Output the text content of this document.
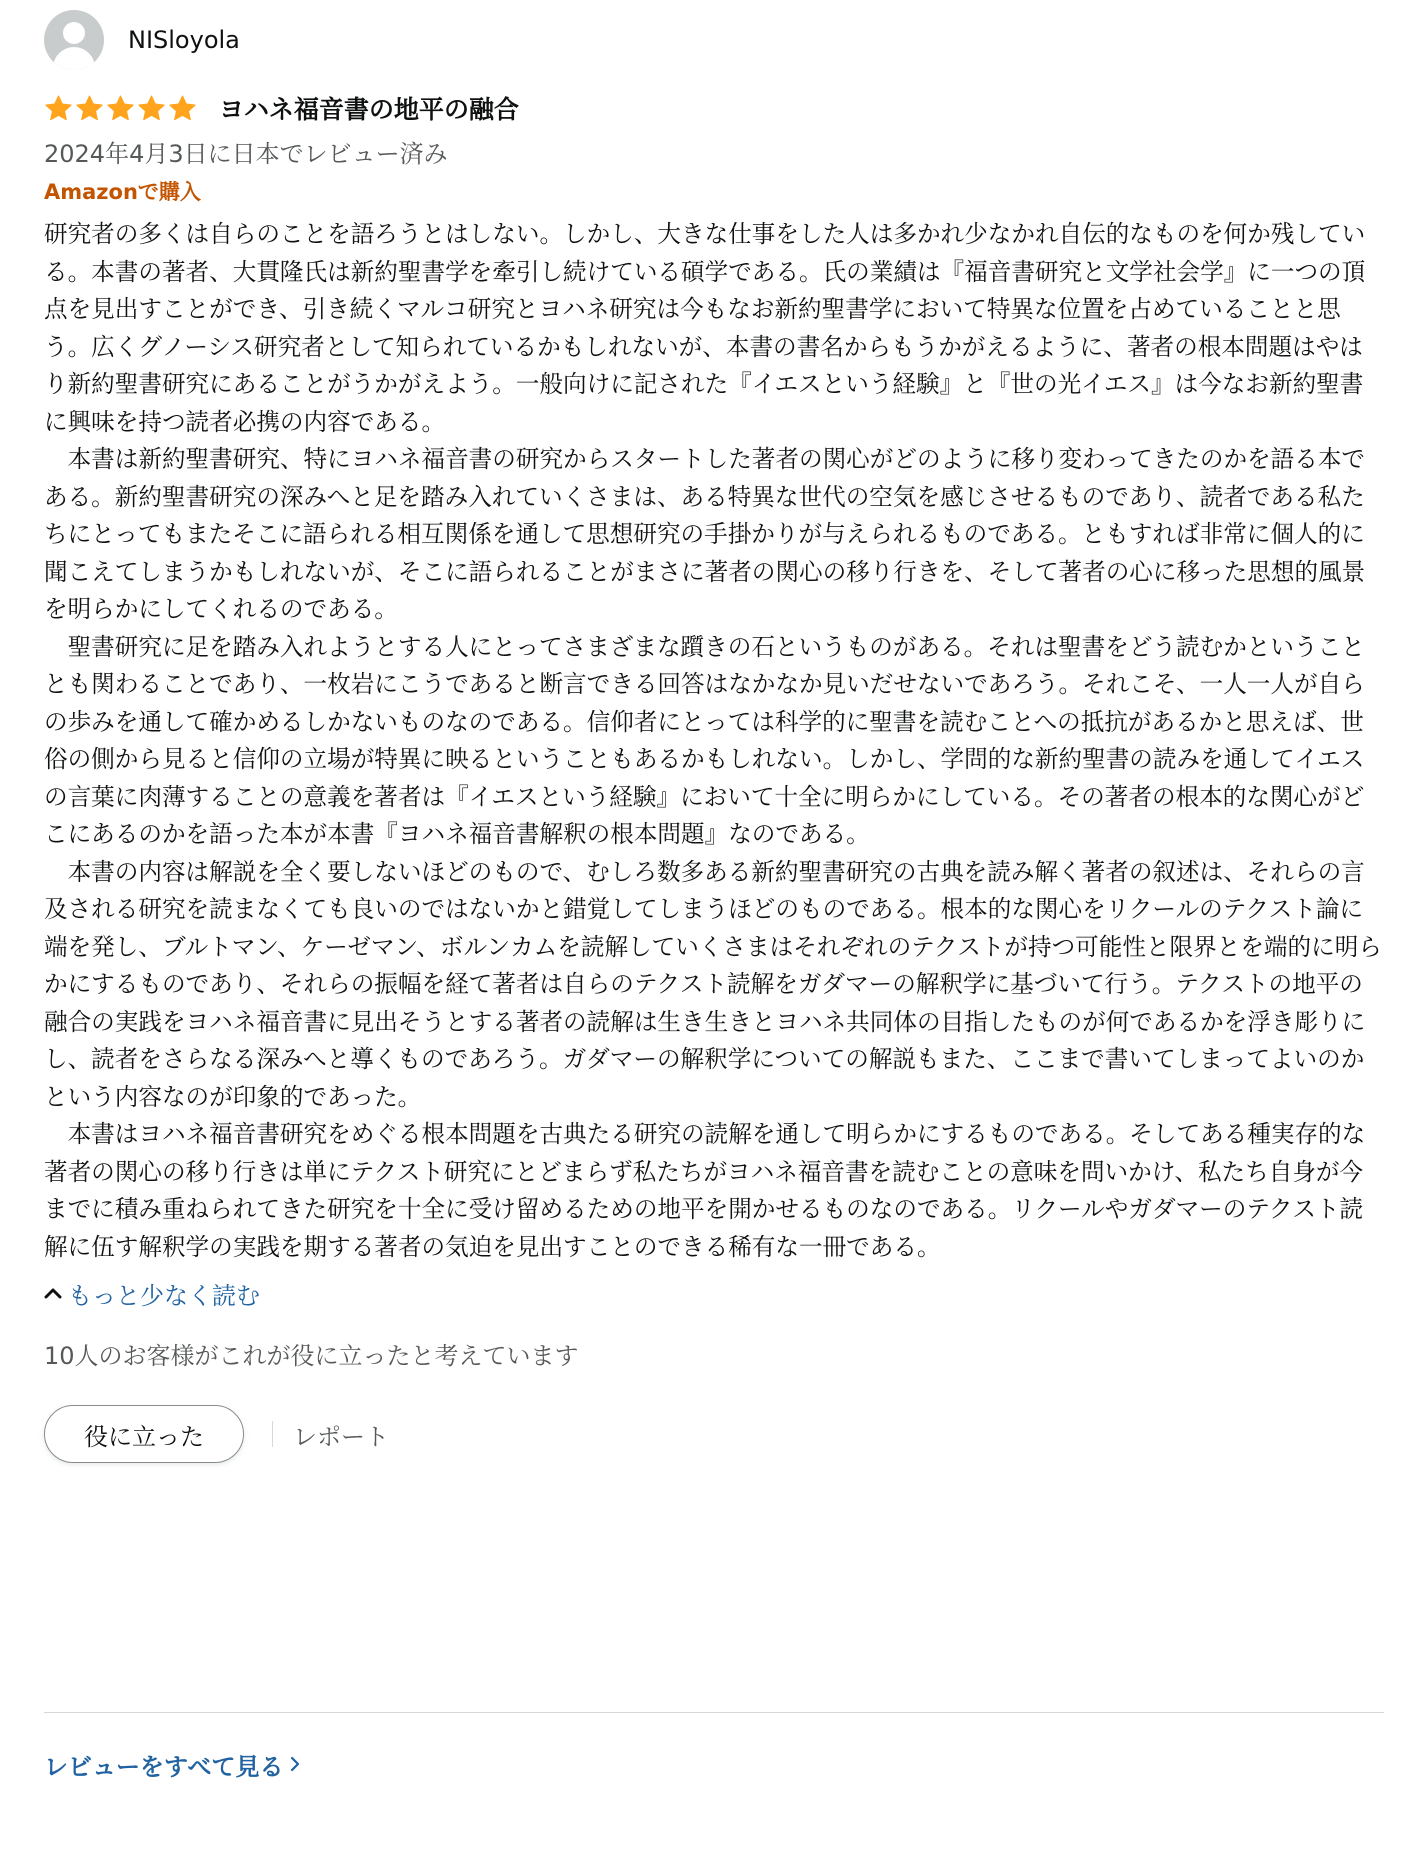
NISloyola
ヨハネ福音書の地平の融合
2024年4月3日に日本でレビュー済み
Amazonで購入

研究者の多くは自らのことを語ろうとはしない。しかし、大きな仕事をした人は多かれ少なかれ自伝的なものを何か残している。本書の著者、大貫隆氏は新約聖書学を牽引し続けている碩学である。氏の業績は『福音書研究と文学社会学』に一つの頂点を見出すことができ、引き続くマルコ研究とヨハネ研究は今もなお新約聖書学において特異な位置を占めていることと思う。広くグノーシス研究者として知られているかもしれないが、本書の書名からもうかがえるように、著者の根本問題はやはり新約聖書研究にあることがうかがえよう。一般向けに記された『イエスという経験』と『世の光イエス』は今なお新約聖書に興味を持つ読者必携の内容である。

本書は新約聖書研究、特にヨハネ福音書の研究からスタートした著者の関心がどのように移り変わってきたのかを語る本である。新約聖書研究の深みへと足を踏み入れていくさまは、ある特異な世代の空気を感じさせるものであり、読者である私たちにとってもまたそこに語られる相互関係を通して思想研究の手掛かりが与えられるものである。ともすれば非常に個人的に聞こえてしまうかもしれないが、そこに語られることがまさに著者の関心の移り行きを、そして著者の心に移った思想的風景を明らかにしてくれるのである。

聖書研究に足を踏み入れようとする人にとってさまざまな躓きの石というものがある。それは聖書をどう読むかということとも関わることであり、一枚岩にこうであると断言できる回答はなかなか見いだせないであろう。それこそ、一人一人が自らの歩みを通して確かめるしかないものなのである。信仰者にとっては科学的に聖書を読むことへの抵抗があるかと思えば、世俗の側から見ると信仰の立場が特異に映るということもあるかもしれない。しかし、学問的な新約聖書の読みを通してイエスの言葉に肉薄することの意義を著者は『イエスという経験』において十全に明らかにしている。その著者の根本的な関心がどこにあるのかを語った本が本書『ヨハネ福音書解釈の根本問題』なのである。

本書の内容は解説を全く要しないほどのもので、むしろ数多ある新約聖書研究の古典を読み解く著者の叙述は、それらの言及される研究を読まなくても良いのではないかと錯覚してしまうほどのものである。根本的な関心をリクールのテクスト論に端を発し、ブルトマン、ケーゼマン、ボルンカムを読解していくさまはそれぞれのテクストが持つ可能性と限界とを端的に明らかにするものであり、それらの振幅を経て著者は自らのテクスト読解をガダマーの解釈学に基づいて行う。テクストの地平の融合の実践をヨハネ福音書に見出そうとする著者の読解は生き生きとヨハネ共同体の目指したものが何であるかを浮き彫りにし、読者をさらなる深みへと導くものであろう。ガダマーの解釈学についての解説もまた、ここまで書いてしまってよいのかという内容なのが印象的であった。

本書はヨハネ福音書研究をめぐる根本問題を古典たる研究の読解を通して明らかにするものである。そしてある種実存的な著者の関心の移り行きは単にテクスト研究にとどまらず私たちがヨハネ福音書を読むことの意味を問いかけ、私たち自身が今までに積み重ねられてきた研究を十全に受け留めるための地平を開かせるものなのである。リクールやガダマーのテクスト読解に伍す解釈学の実践を期する著者の気迫を見出すことのできる稀有な一冊である。

もっと少なく読む
10人のお客様がこれが役に立ったと考えています
役に立った	レポート
レビューをすべて見る
